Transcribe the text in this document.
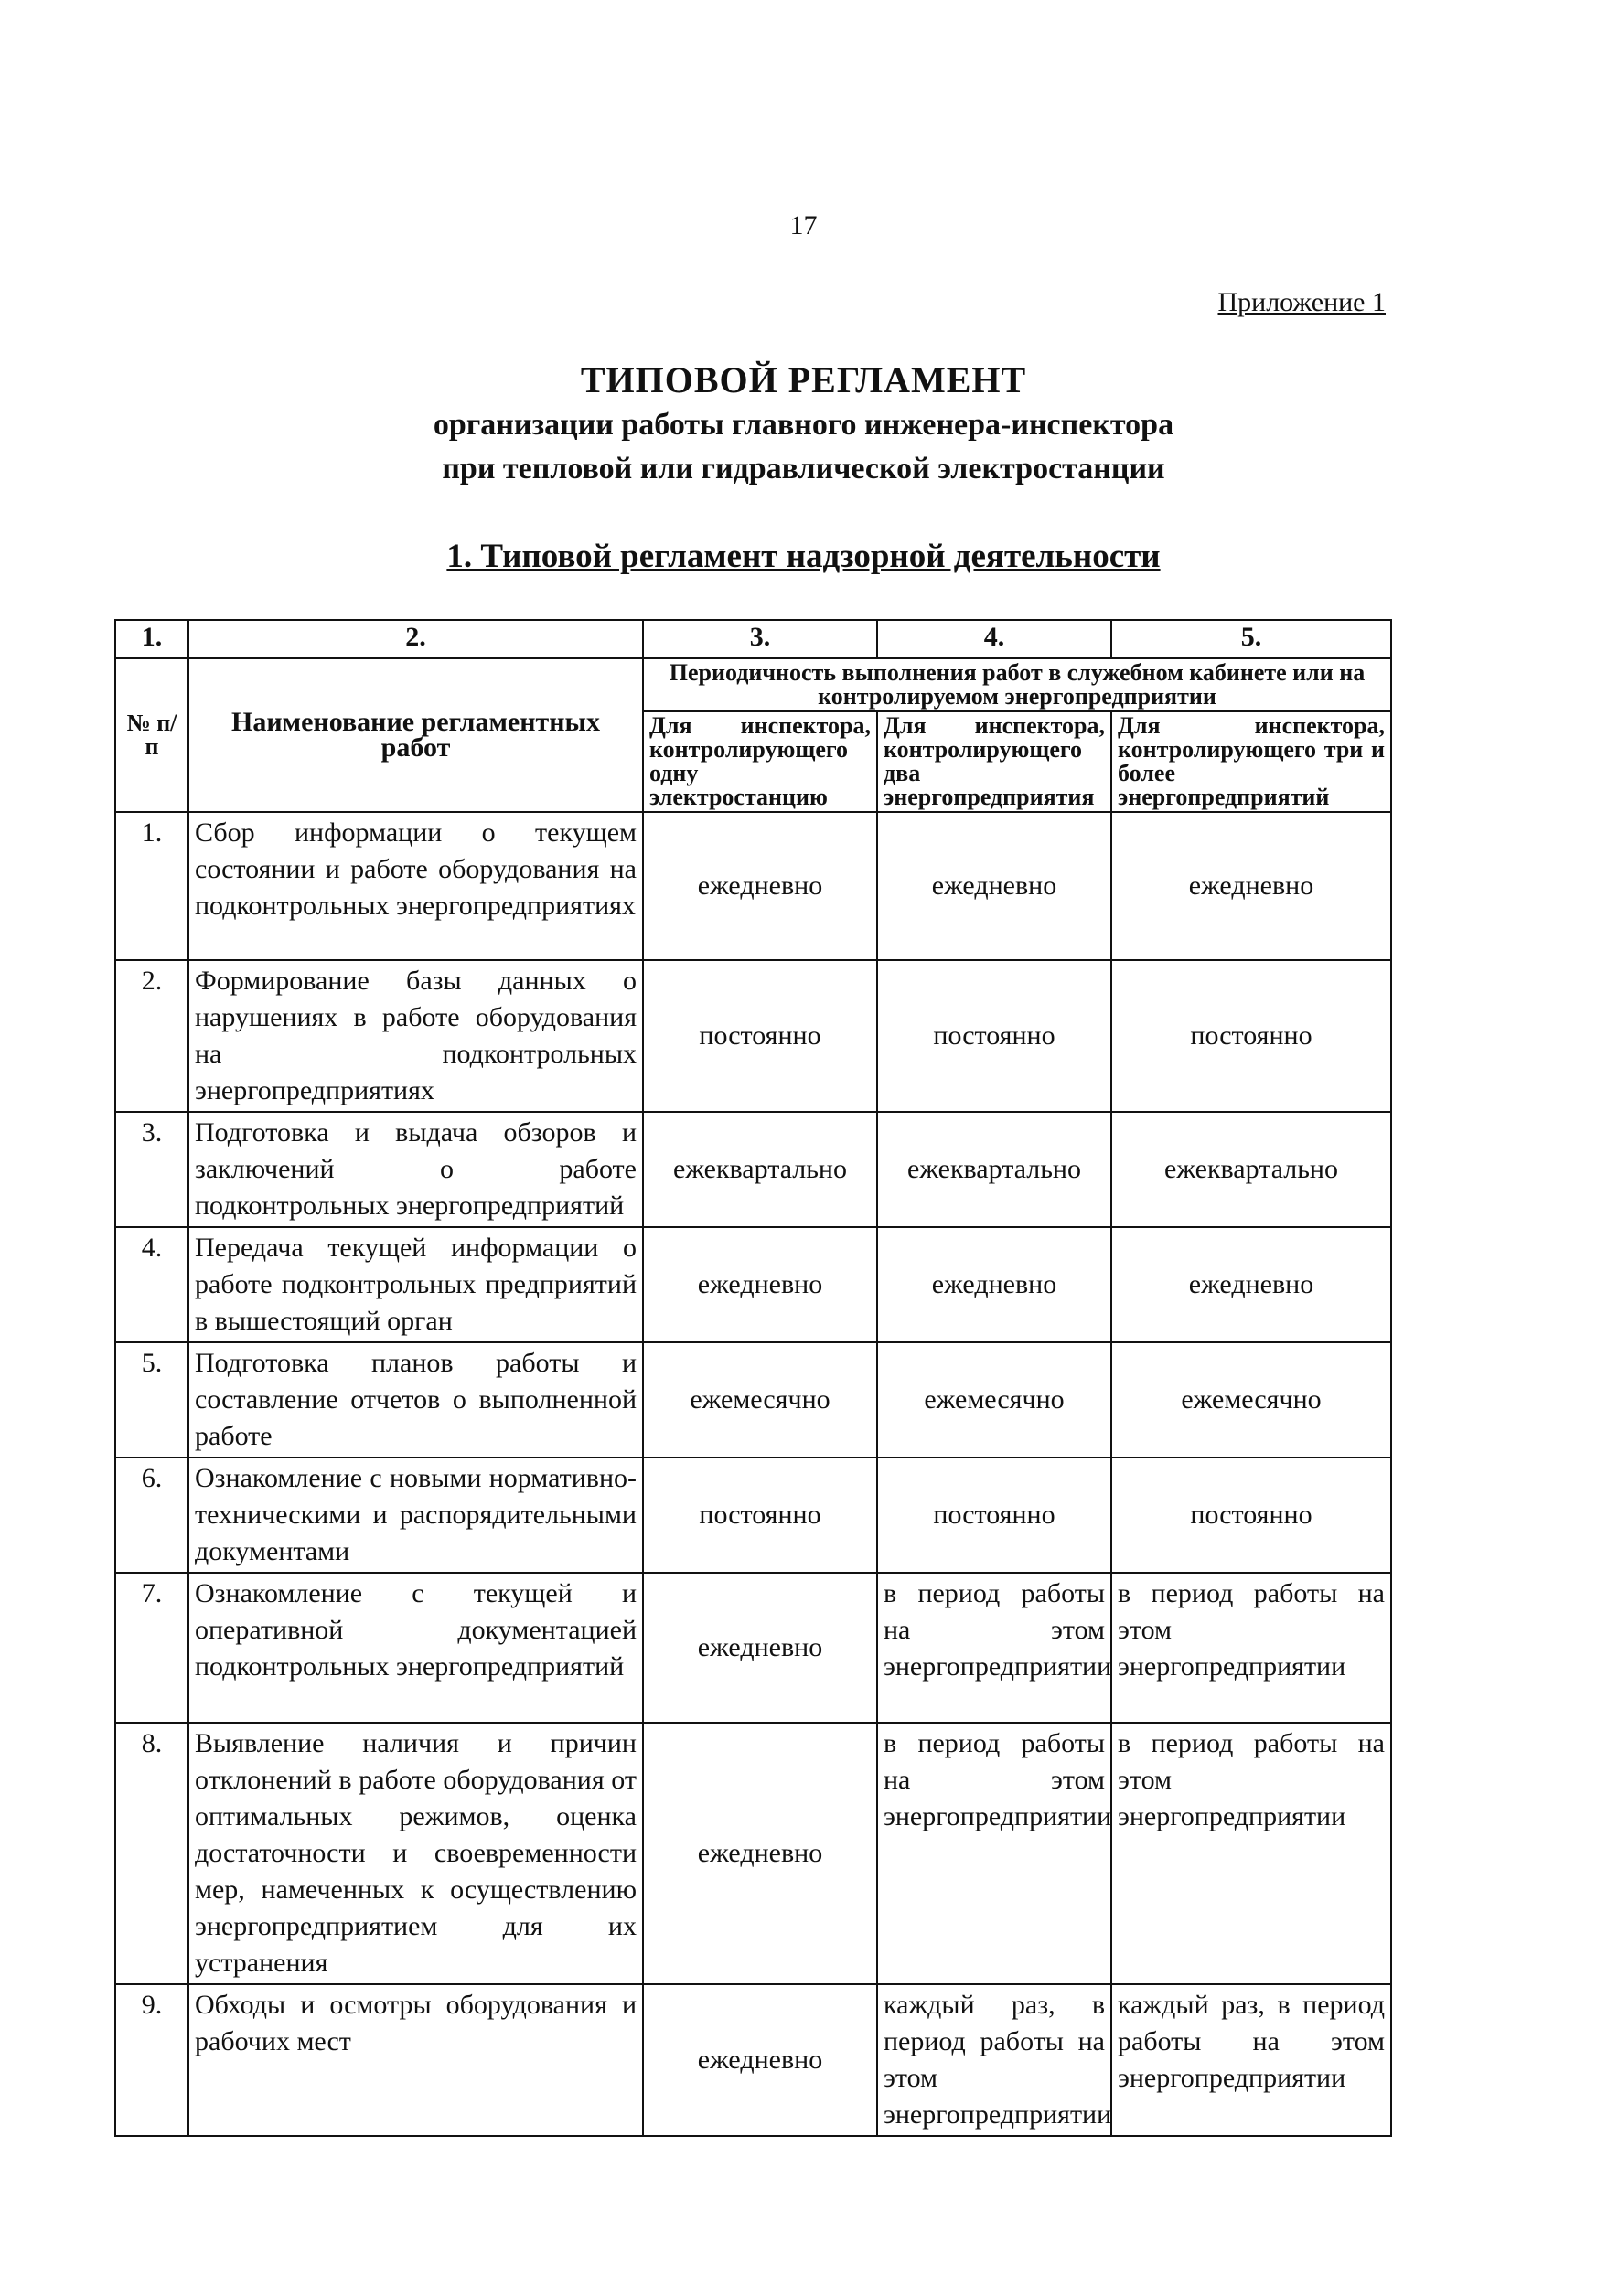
17
Приложение 1
ТИПОВОЙ РЕГЛАМЕНТ
организации работы главного инженера-инспектора
при тепловой или гидравлической электростанции
1. Типовой регламент надзорной деятельности
1.	2.	3.	4.	5.
№ п/п	Наименование регламентных работ	Периодичность выполнения работ в служебном кабинете или на контролируемом энергопредприятии		
		Для инспектора, контролирующего одну электростанцию	Для инспектора, контролирующего два энергопредприятия	Для инспектора, контролирующего три и более энергопредприятий
1.	Сбор информации о текущем состоянии и работе оборудования на подконтрольных энергопредприятиях	ежедневно	ежедневно	ежедневно
2.	Формирование базы данных о нарушениях в работе оборудования на подконтрольных энергопредприятиях	постоянно	постоянно	постоянно
3.	Подготовка и выдача обзоров и заключений о работе подконтрольных энергопредприятий	ежеквартально	ежеквартально	ежеквартально
4.	Передача текущей информации о работе подконтрольных предприятий в вышестоящий орган	ежедневно	ежедневно	ежедневно
5.	Подготовка планов работы и составление отчетов о выполненной работе	ежемесячно	ежемесячно	ежемесячно
6.	Ознакомление с новыми нормативно-техническими и распорядительными документами	постоянно	постоянно	постоянно
7.	Ознакомление с текущей и оперативной документацией подконтрольных энергопредприятий	ежедневно	в период работы на этом энергопредприятии	в период работы на этом энергопредприятии
8.	Выявление наличия и причин отклонений в работе оборудования от оптимальных режимов, оценка достаточности и своевременности мер, намеченных к осуществлению энергопредприятием для их устранения	ежедневно	в период работы на этом энергопредприятии	в период работы на этом энергопредприятии
9.	Обходы и осмотры оборудования и рабочих мест	ежедневно	каждый раз, в период работы на этом энергопредприятии	каждый раз, в период работы на этом энергопредприятии
